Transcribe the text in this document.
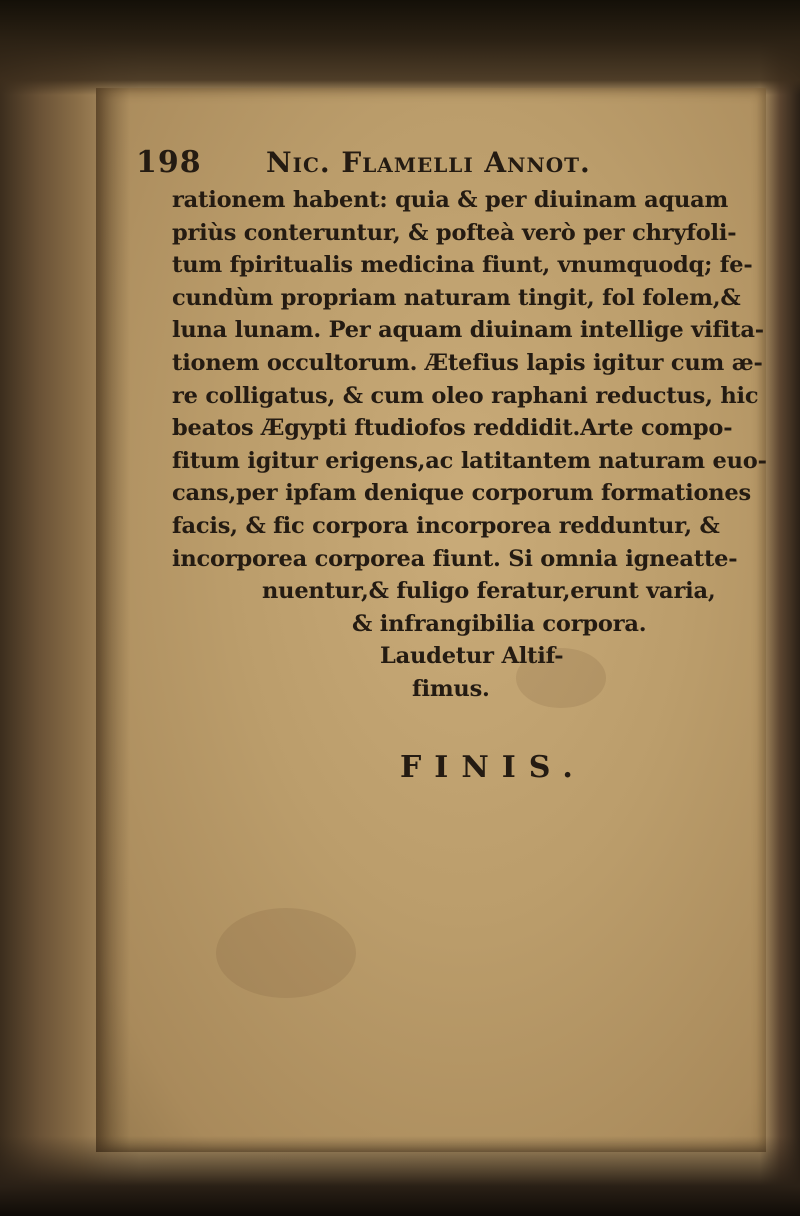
198	Nic. Flamelli Annot.
rationem habent: quia & per diuinam aquam
priùs conteruntur, & pofteà verò per chryfoli-
tum fpiritualis medicina fiunt, vnumquodq; fe-
cundùm propriam naturam tingit, fol folem,&
luna lunam. Per aquam diuinam intellige vifita-
tionem occultorum. Ætefius lapis igitur cum æ-
re colligatus, & cum oleo raphani reductus, hic
beatos Ægypti ftudiofos reddidit.Arte compo-
fitum igitur erigens,ac latitantem naturam euo-
cans,per ipfam denique corporum formationes
facis, & fic corpora incorporea redduntur, &
incorporea corporea fiunt. Si omnia igneatte-
nuentur,& fuligo feratur,erunt varia,
& infrangibilia corpora.
Laudetur Altif-
fimus.
FINIS.
